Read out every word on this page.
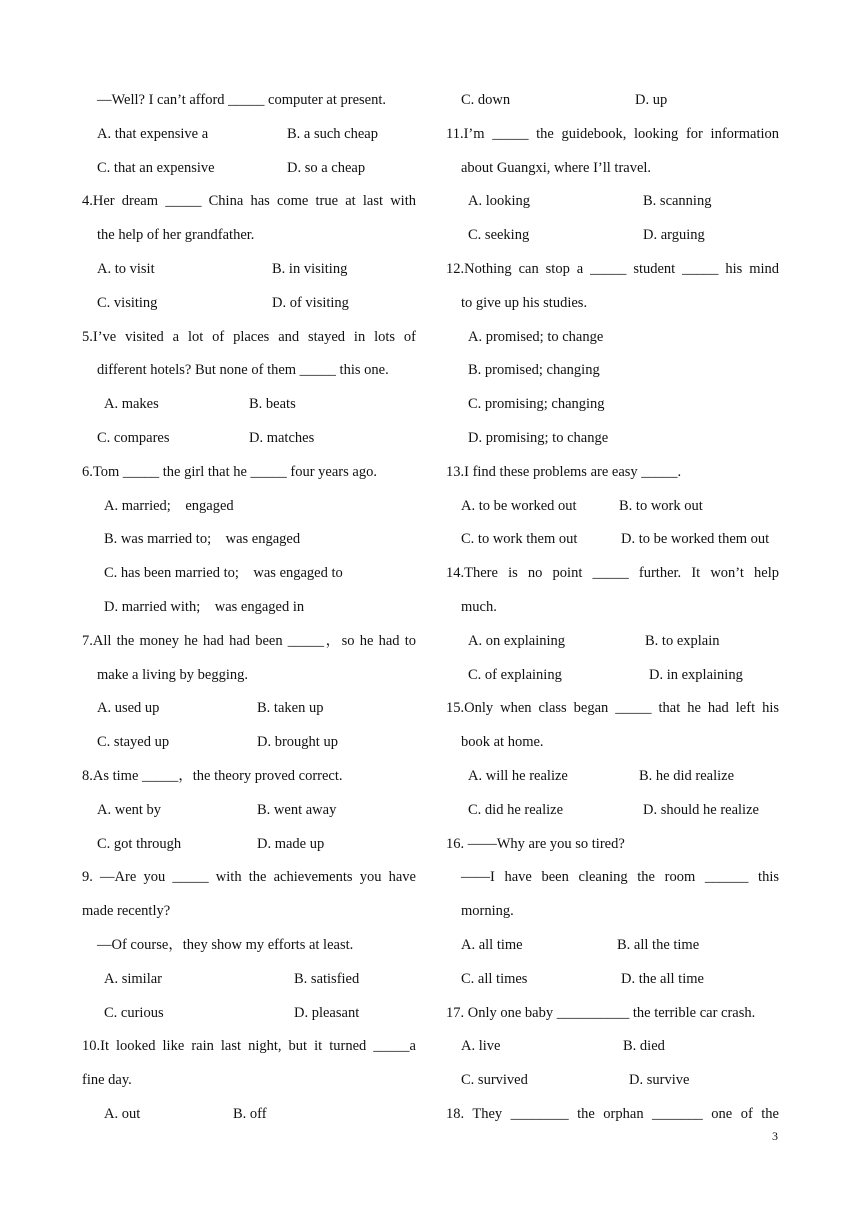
—Well? I can’t afford _____ computer at present.
A. that expensive a	B. a such cheap
C. that an expensive	D. so a cheap
4.Her dream _____ China has come true at last with
the help of her grandfather.
A. to visit	B. in visiting
C. visiting	D. of visiting
5.I’ve visited a lot of places and stayed in lots of
different hotels? But none of them _____ this one.
A. makes	B. beats
C. compares	D. matches
6.Tom _____ the girl that he _____ four years ago.
A. married;　engaged
B. was married to;　was engaged
C. has been married to;　was engaged to
D. married with;　was engaged in
7.All the money he had had been _____，so he had to
make a living by begging.
A. used up	B. taken up
C. stayed up	D. brought up
8.As time _____，the theory proved correct.
A. went by	B. went away
C. got through	D. made up
9. —Are you _____ with the achievements you have
made recently?
—Of course，they show my efforts at least.
A. similar	B. satisfied
C. curious	D. pleasant
10.It looked like rain last night, but it turned _____a
fine day.
A. out	B. off
C. down	D. up
11.I’m _____ the guidebook, looking for information
about Guangxi, where I’ll travel.
A. looking	B. scanning
C. seeking	D. arguing
12.Nothing can stop a _____ student _____ his mind
to give up his studies.
A. promised; to change
B. promised; changing
C. promising; changing
D. promising; to change
13.I find these problems are easy _____.
A. to be worked out	B. to work out
C. to work them out	D. to be worked them out
14.There is no point _____ further. It won’t help
much.
A. on explaining	B. to explain
C. of explaining	D. in explaining
15.Only when class began _____ that he had left his
book at home.
A. will he realize	B. he did realize
C. did he realize	D. should he realize
16. ——Why are you so tired?
——I have been cleaning the room ______ this
morning.
A. all time	B. all the time
C. all times	D. the all time
17. Only one baby __________ the terrible car crash.
A. live	B. died
C. survived	D. survive
18. They ________ the orphan _______ one of the
3
